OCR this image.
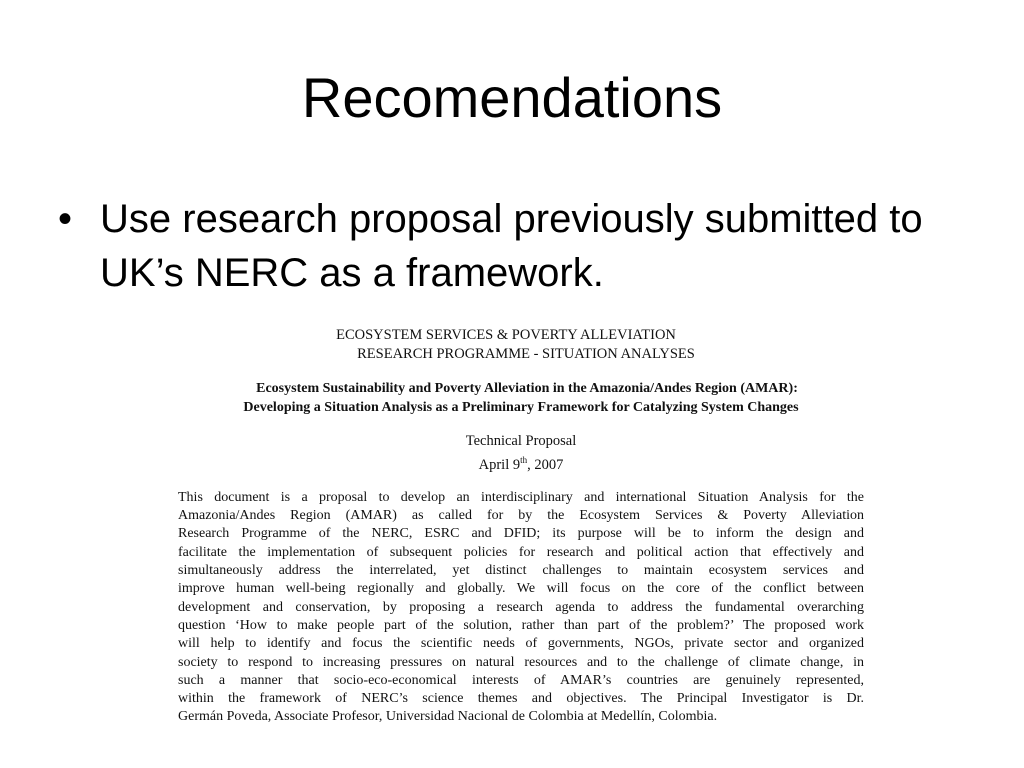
Recomendations
• Use research proposal previously submitted to UK’s NERC as a framework.
ECOSYSTEM SERVICES & POVERTY ALLEVIATION
RESEARCH PROGRAMME - SITUATION ANALYSES
Ecosystem Sustainability and Poverty Alleviation in the Amazonia/Andes Region (AMAR):
Developing a Situation Analysis as a Preliminary Framework for Catalyzing System Changes
Technical Proposal
April 9th, 2007
This document is a proposal to develop an interdisciplinary and international Situation Analysis for the
Amazonia/Andes Region (AMAR) as called for by the Ecosystem Services & Poverty Alleviation
Research Programme of the NERC, ESRC and DFID; its purpose will be to inform the design and
facilitate the implementation of subsequent policies for research and political action that effectively and
simultaneously address the interrelated, yet distinct challenges to maintain ecosystem services and
improve human well-being regionally and globally. We will focus on the core of the conflict between
development and conservation, by proposing a research agenda to address the fundamental overarching
question ‘How to make people part of the solution, rather than part of the problem?’ The proposed work
will help to identify and focus the scientific needs of governments, NGOs, private sector and organized
society to respond to increasing pressures on natural resources and to the challenge of climate change, in
such a manner that socio-eco-economical interests of AMAR’s countries are genuinely represented,
within the framework of NERC’s science themes and objectives. The Principal Investigator is Dr.
Germán Poveda, Associate Profesor, Universidad Nacional de Colombia at Medellín, Colombia.
